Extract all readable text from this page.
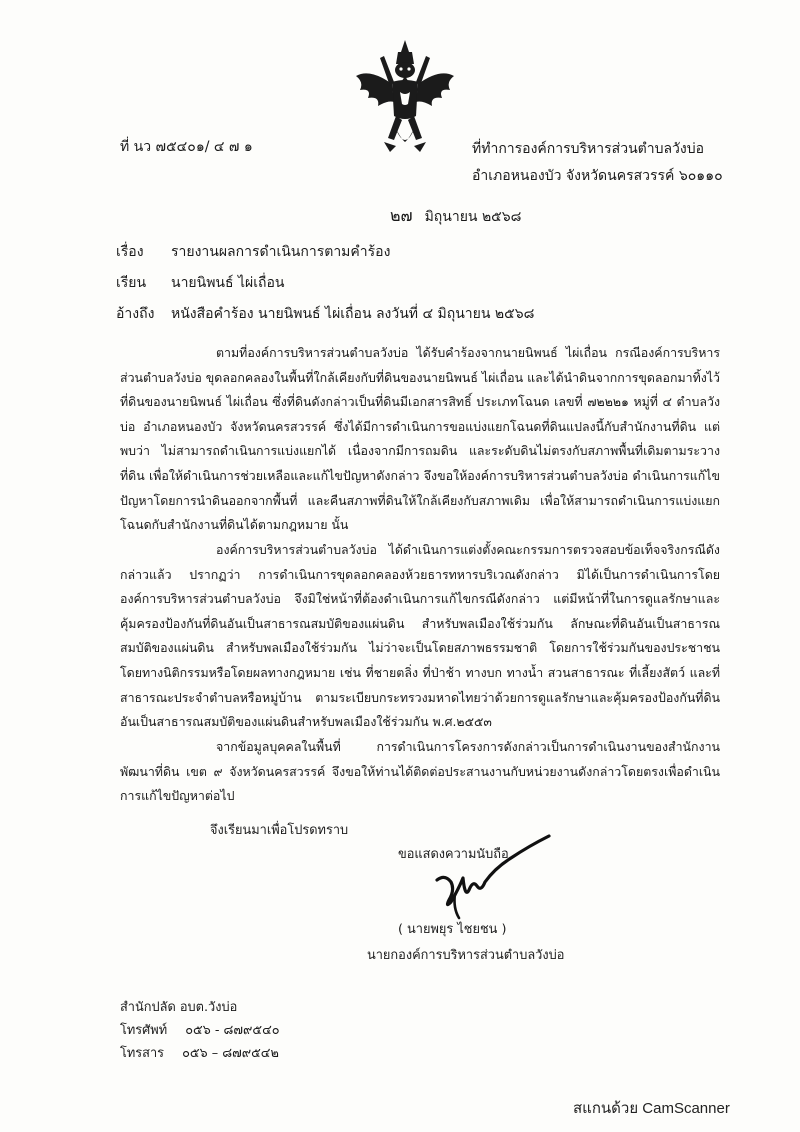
ที่ นว ๗๕๔๐๑/ ๔ ๗ ๑	ที่ทำการองค์การบริหารส่วนตำบลวังบ่อ
อำเภอหนองบัว จังหวัดนครสวรรค์ ๖๐๑๑๐
๒๗ มิถุนายน ๒๕๖๘
เรื่อง รายงานผลการดำเนินการตามคำร้อง
เรียน นายนิพนธ์ ไผ่เถื่อน
อ้างถึง หนังสือคำร้อง นายนิพนธ์ ไผ่เถื่อน ลงวันที่ ๔ มิถุนายน ๒๕๖๘

ตามที่องค์การบริหารส่วนตำบลวังบ่อ ได้รับคำร้องจากนายนิพนธ์ ไผ่เถื่อน กรณีองค์การบริหารส่วนตำบลวังบ่อ ขุดลอกคลองในพื้นที่ใกล้เคียงกับที่ดินของนายนิพนธ์ ไผ่เถื่อน และได้นำดินจากการขุดลอกมาทิ้งไว้ที่ดินของนายนิพนธ์ ไผ่เถื่อน ซึ่งที่ดินดังกล่าวเป็นที่ดินมีเอกสารสิทธิ์ ประเภทโฉนด เลขที่ ๗๒๒๒๑ หมู่ที่ ๔ ตำบลวังบ่อ อำเภอหนองบัว จังหวัดนครสวรรค์ ซึ่งได้มีการดำเนินการขอแบ่งแยกโฉนดที่ดินแปลงนี้กับสำนักงานที่ดิน แต่พบว่า ไม่สามารถดำเนินการแบ่งแยกได้ เนื่องจากมีการถมดิน และระดับดินไม่ตรงกับสภาพพื้นที่เดิมตามระวางที่ดิน เพื่อให้ดำเนินการช่วยเหลือและแก้ไขปัญหาดังกล่าว จึงขอให้องค์การบริหารส่วนตำบลวังบ่อ ดำเนินการแก้ไขปัญหาโดยการนำดินออกจากพื้นที่ และคืนสภาพที่ดินให้ใกล้เคียงกับสภาพเดิม เพื่อให้สามารถดำเนินการแบ่งแยกโฉนดกับสำนักงานที่ดินได้ตามกฎหมาย นั้น

องค์การบริหารส่วนตำบลวังบ่อ ได้ดำเนินการแต่งตั้งคณะกรรมการตรวจสอบข้อเท็จจริงกรณีดังกล่าวแล้ว ปรากฏว่า การดำเนินการขุดลอกคลองห้วยธารทหารบริเวณดังกล่าว มิได้เป็นการดำเนินการโดยองค์การบริหารส่วนตำบลวังบ่อ จึงมิใช่หน้าที่ต้องดำเนินการแก้ไขกรณีดังกล่าว แต่มีหน้าที่ในการดูแลรักษาและคุ้มครองป้องกันที่ดินอันเป็นสาธารณสมบัติของแผ่นดิน สำหรับพลเมืองใช้ร่วมกัน ลักษณะที่ดินอันเป็นสาธารณสมบัติของแผ่นดิน สำหรับพลเมืองใช้ร่วมกัน ไม่ว่าจะเป็นโดยสภาพธรรมชาติ โดยการใช้ร่วมกันของประชาชน โดยทางนิติกรรมหรือโดยผลทางกฎหมาย เช่น ที่ชายตลิ่ง ที่ป่าช้า ทางบก ทางน้ำ สวนสาธารณะ ที่เลี้ยงสัตว์ และที่สาธารณะประจำตำบลหรือหมู่บ้าน ตามระเบียบกระทรวงมหาดไทยว่าด้วยการดูแลรักษาและคุ้มครองป้องกันที่ดินอันเป็นสาธารณสมบัติของแผ่นดินสำหรับพลเมืองใช้ร่วมกัน พ.ศ.๒๕๕๓

จากข้อมูลบุคคลในพื้นที่ การดำเนินการโครงการดังกล่าวเป็นการดำเนินงานของสำนักงานพัฒนาที่ดิน เขต ๙ จังหวัดนครสวรรค์ จึงขอให้ท่านได้ติดต่อประสานงานกับหน่วยงานดังกล่าวโดยตรงเพื่อดำเนินการแก้ไขปัญหาต่อไป

จึงเรียนมาเพื่อโปรดทราบ
ขอแสดงความนับถือ
( นายพยุร ไชยชน )
นายกองค์การบริหารส่วนตำบลวังบ่อ
สำนักปลัด อบต.วังบ่อ
โทรศัพท์ ๐๕๖ - ๘๗๙๕๔๐
โทรสาร ๐๕๖ – ๘๗๙๕๔๒
สแกนด้วย CamScanner
